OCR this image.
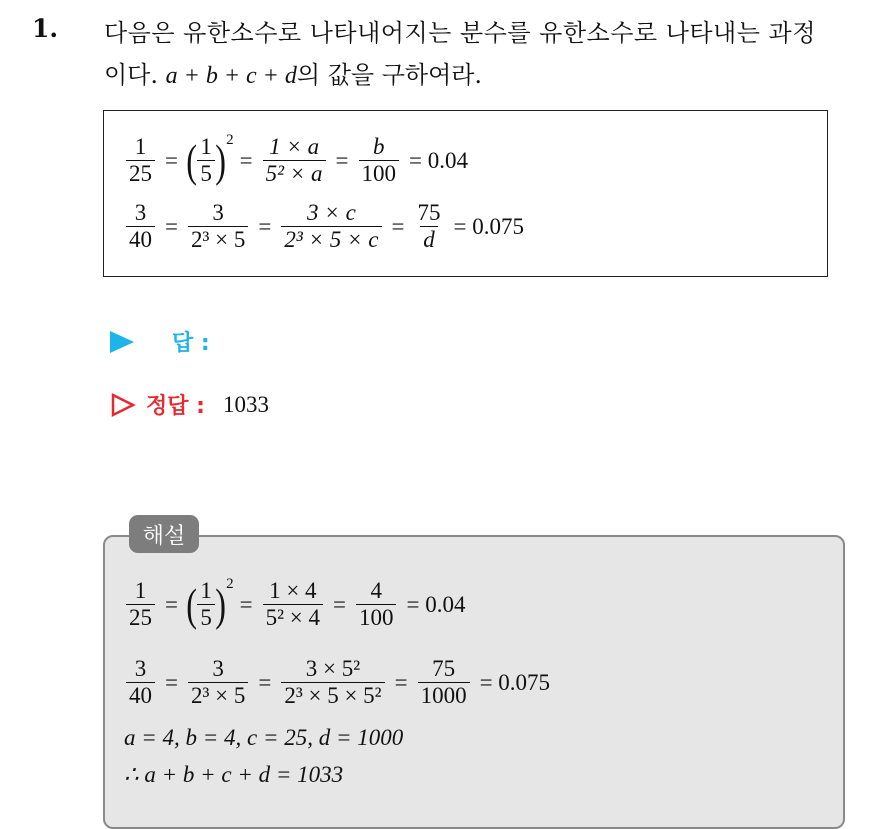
1. 다음은 유한소수로 나타내어지는 분수를 유한소수로 나타내는 과정
이다. a + b + c + d의 값을 구하여라.
$\frac{1}{25}$ = ( $\frac{1}{5}$ ) 2
= $\frac{1 \times a}{\text{5² × a}} = \frac{b}{100} = 0.04$
$\frac{3}{40} = \frac{3}{\text{2³ × 5}} = \frac{3 \times c}{\text{2³ × 5 × c}} = \frac{75}{d} = 0.075$
답 :
정답 : 1033
해설
$\frac{1}{25}$ = ( $\frac{1}{5}$ ) 2
= $\frac{1 \times 4}{\text{5² × 4}} = \frac{4}{100} = 0.04$
$\frac{3}{40} = \frac{3}{\text{2³ × 5}} = \frac{\text{3 × 5²}}{\text{2³ × 5 × 5²}} = \frac{75}{1000} = 0.075$
a = 4, b = 4, c = 25, d = 1000
∴ a + b + c + d = 1033
